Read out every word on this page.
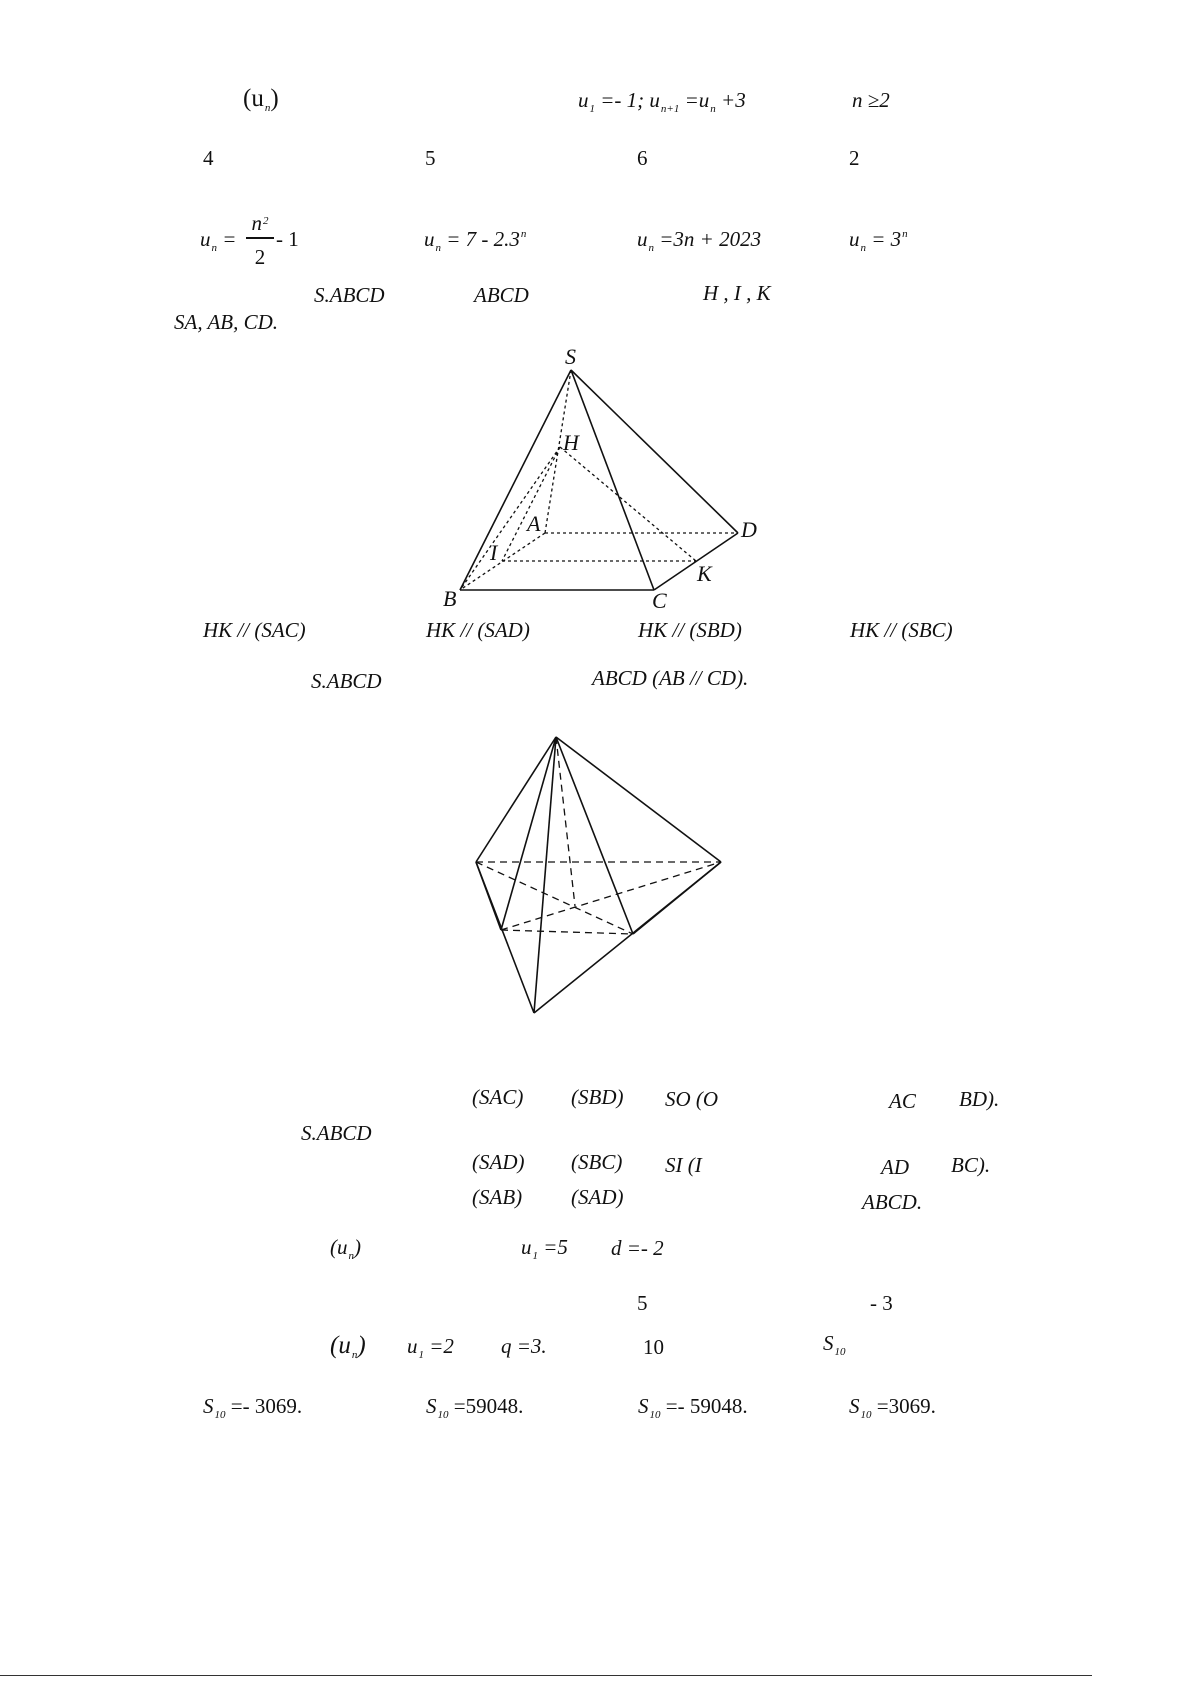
$(u_n)$	$u_1 =- 1$; $u_{n+1} =u_n +3$	n ≥2
4	5	6	2
$u_n$ =
$n^2$
2
- 1	$u_n = 7 - 2.3^n$	$u_n =3n + 2023$	$u_n = 3^n$
S.ABCD	ABCD	H , I , K
SA, AB, CD.
S
H
A	D
I
K
B	C
HK // (SAC)	HK // (SAD)	HK // (SBD)	HK // (SBC)
S.ABCD	ABCD (AB // CD).
(SAC) (SBD) SO (O	AC BD).
S.ABCD
(SAD) (SBC) SI (I	AD BC).
(SAB) (SAD)	ABCD.
$(u_n)$	$u_1 =5$ d =- 2
5	- 3
$(u_n)$ $u_1 =2$ q =3.	10	$S_{10}$
$S_{10} =- 3069$.	$S_{10} =59048$.	$S_{10} =- 59048$.	$S_{10} =3069$.
